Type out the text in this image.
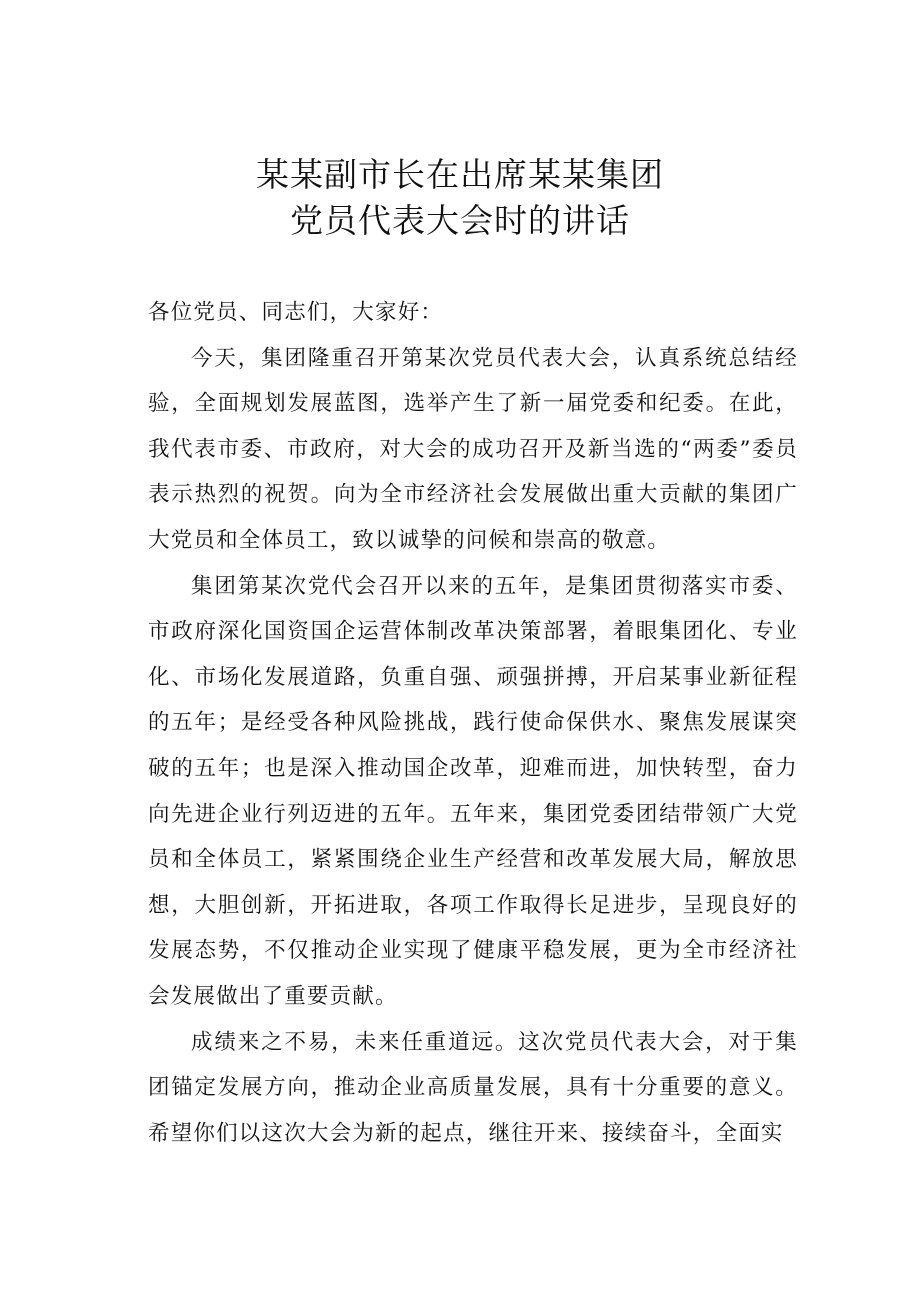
某某副市长在出席某某集团
党员代表大会时的讲话

各位党员、同志们，大家好：

今天，集团隆重召开第某次党员代表大会，认真系统总结经验，全面规划发展蓝图，选举产生了新一届党委和纪委。在此，我代表市委、市政府，对大会的成功召开及新当选的“两委”委员表示热烈的祝贺。向为全市经济社会发展做出重大贡献的集团广大党员和全体员工，致以诚挚的问候和崇高的敬意。

集团第某次党代会召开以来的五年，是集团贯彻落实市委、市政府深化国资国企运营体制改革决策部署，着眼集团化、专业化、市场化发展道路，负重自强、顽强拼搏，开启某事业新征程的五年；是经受各种风险挑战，践行使命保供水、聚焦发展谋突破的五年；也是深入推动国企改革，迎难而进，加快转型，奋力向先进企业行列迈进的五年。五年来，集团党委团结带领广大党员和全体员工，紧紧围绕企业生产经营和改革发展大局，解放思想，大胆创新，开拓进取，各项工作取得长足进步，呈现良好的发展态势，不仅推动企业实现了健康平稳发展，更为全市经济社会发展做出了重要贡献。

成绩来之不易，未来任重道远。这次党员代表大会，对于集团锚定发展方向，推动企业高质量发展，具有十分重要的意义。希望你们以这次大会为新的起点，继往开来、接续奋斗，全面实
